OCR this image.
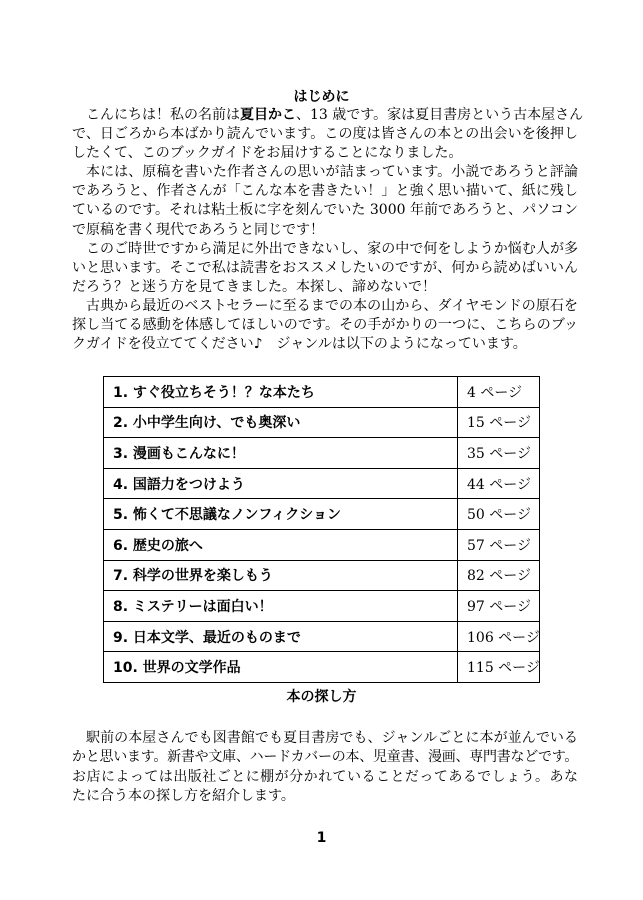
はじめに
こんにちは！私の名前は夏目かこ、13 歳です。家は夏目書房という古本屋さん
で、日ごろから本ばかり読んでいます。この度は皆さんの本との出会いを後押し
したくて、このブックガイドをお届けすることになりました。
本には、原稿を書いた作者さんの思いが詰まっています。小説であろうと評論
であろうと、作者さんが「こんな本を書きたい！」と強く思い描いて、紙に残し
ているのです。それは粘土板に字を刻んでいた 3000 年前であろうと、パソコン
で原稿を書く現代であろうと同じです！
このご時世ですから満足に外出できないし、家の中で何をしようか悩む人が多
いと思います。そこで私は読書をおススメしたいのですが、何から読めばいいん
だろう？と迷う方を見てきました。本探し、諦めないで！
古典から最近のベストセラーに至るまでの本の山から、ダイヤモンドの原石を
探し当てる感動を体感してほしいのです。その手がかりの一つに、こちらのブッ
クガイドを役立ててください♪　ジャンルは以下のようになっています。
1. すぐ役立ちそう！？な本たち	4 ページ
2. 小中学生向け、でも奥深い	15 ページ
3. 漫画もこんなに！	35 ページ
4. 国語力をつけよう	44 ページ
5. 怖くて不思議なノンフィクション	50 ページ
6. 歴史の旅へ	57 ページ
7. 科学の世界を楽しもう	82 ページ
8. ミステリーは面白い！	97 ページ
9. 日本文学、最近のものまで	106 ページ
10. 世界の文学作品	115 ページ
本の探し方
駅前の本屋さんでも図書館でも夏目書房でも、ジャンルごとに本が並んでいる
かと思います。新書や文庫、ハードカバーの本、児童書、漫画、専門書などです。
お店によっては出版社ごとに棚が分かれていることだってあるでしょう。あな
たに合う本の探し方を紹介します。
1
